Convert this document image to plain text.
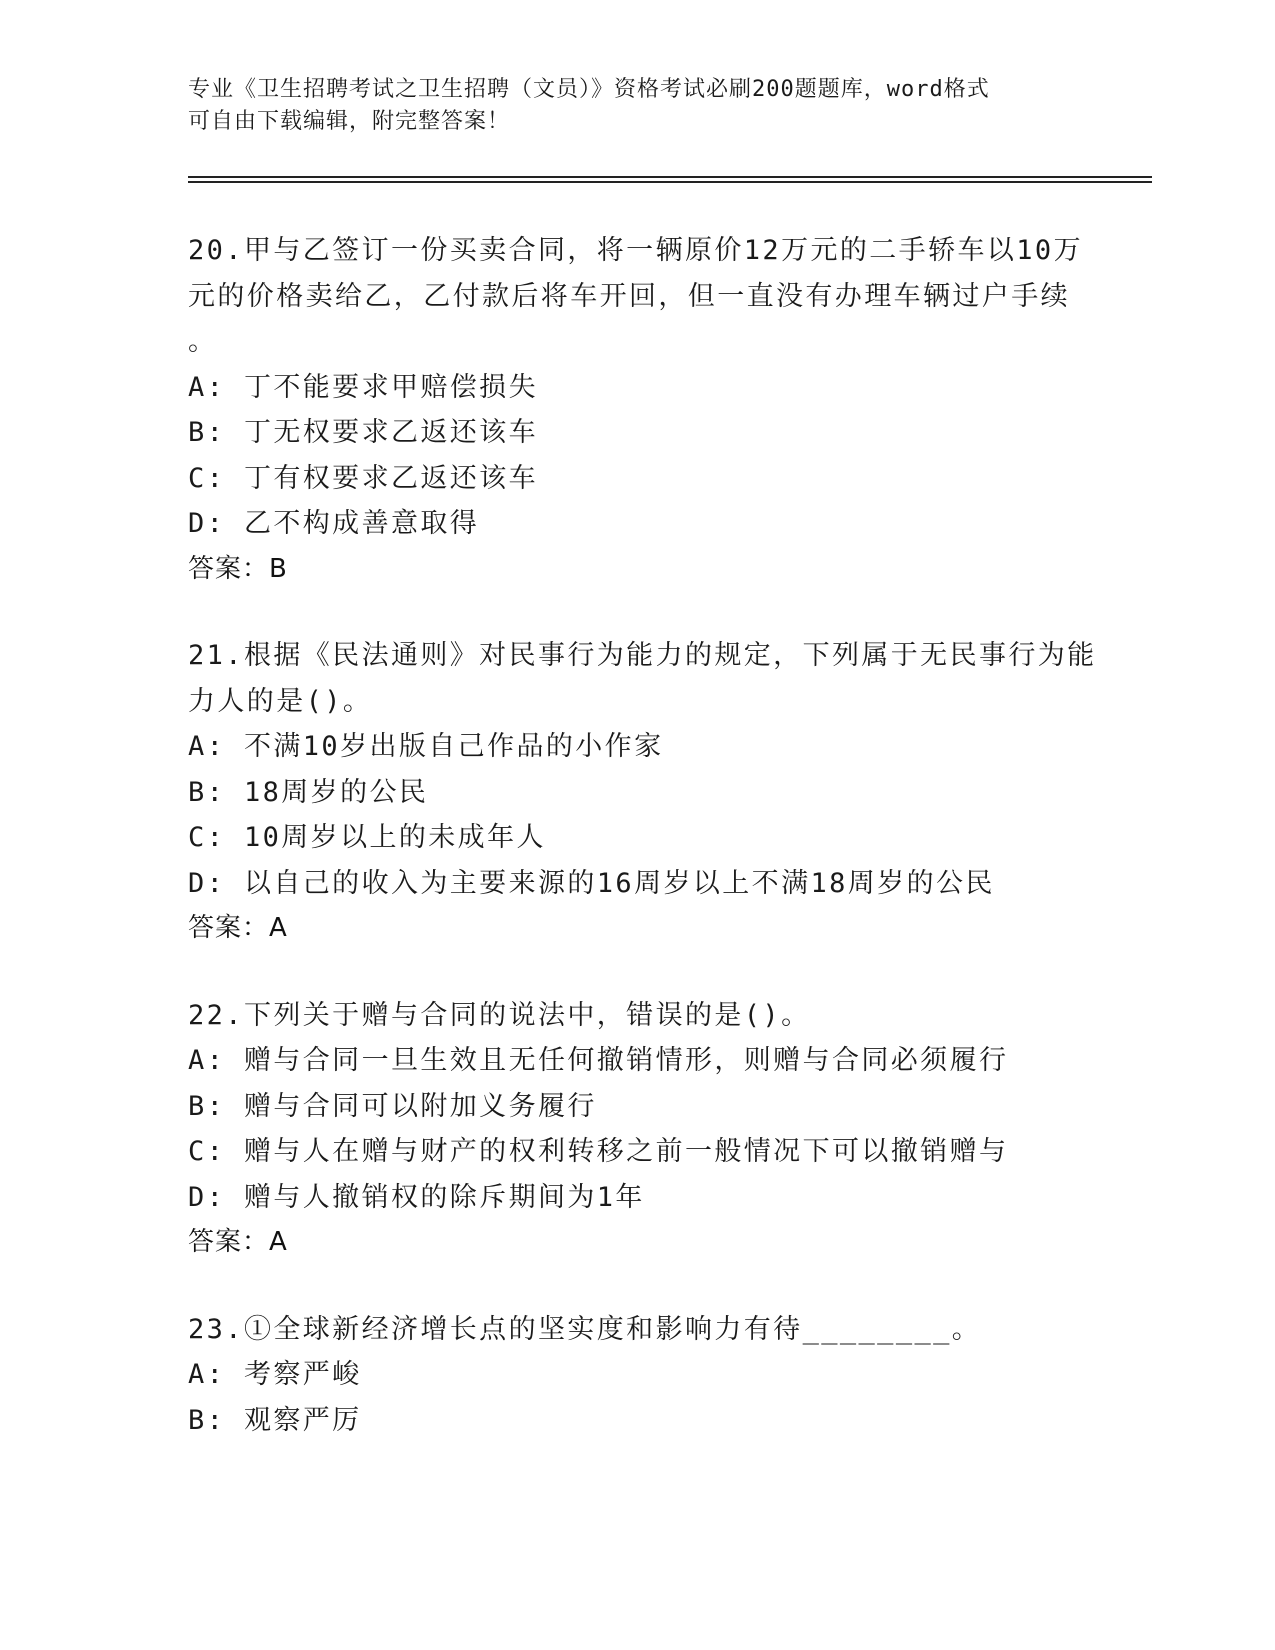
专业《卫生招聘考试之卫生招聘（文员）》资格考试必刷200题题库，word格式
可自由下载编辑，附完整答案！
20.甲与乙签订一份买卖合同，将一辆原价12万元的二手轿车以10万
元的价格卖给乙，乙付款后将车开回，但一直没有办理车辆过户手续
。
A: 丁不能要求甲赔偿损失
B: 丁无权要求乙返还该车
C: 丁有权要求乙返还该车
D: 乙不构成善意取得
答案：B
21.根据《民法通则》对民事行为能力的规定，下列属于无民事行为能
力人的是()。
A: 不满10岁出版自己作品的小作家
B: 18周岁的公民
C: 10周岁以上的未成年人
D: 以自己的收入为主要来源的16周岁以上不满18周岁的公民
答案：A
22.下列关于赠与合同的说法中，错误的是()。
A: 赠与合同一旦生效且无任何撤销情形，则赠与合同必须履行
B: 赠与合同可以附加义务履行
C: 赠与人在赠与财产的权利转移之前一般情况下可以撤销赠与
D: 赠与人撤销权的除斥期间为1年
答案：A
23.①全球新经济增长点的坚实度和影响力有待________。
A: 考察严峻
B: 观察严厉
